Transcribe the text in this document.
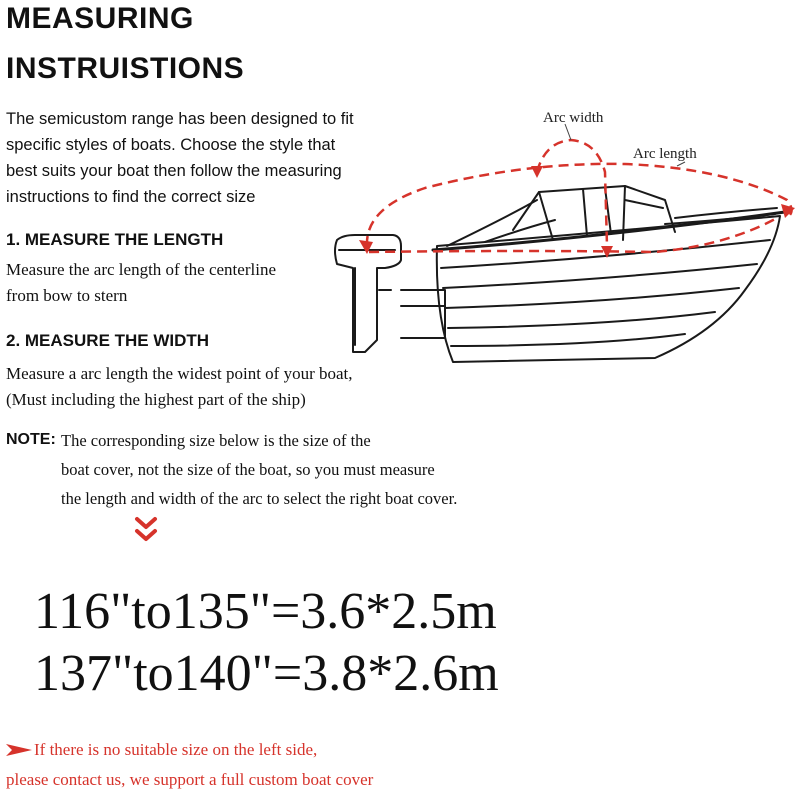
MEASURING
INSTRUISTIONS
The semicustom range has been designed to fit
specific styles of boats. Choose the style that
best suits your boat then follow the measuring
instructions to find the correct size
1. MEASURE THE LENGTH
Measure the arc length of the centerline
from bow to stern
2. MEASURE THE WIDTH
Measure a arc length the widest point of your boat,
(Must including the highest part of the ship)
NOTE: The corresponding size below is the size of the
boat cover, not the size of the boat, so you must measure
the length and width of the arc to select the right boat cover.
116"to135"=3.6*2.5m
137"to140"=3.8*2.6m
If there is no suitable size on the left side,
please contact us, we support a full custom boat cover
Arc width
Arc length
